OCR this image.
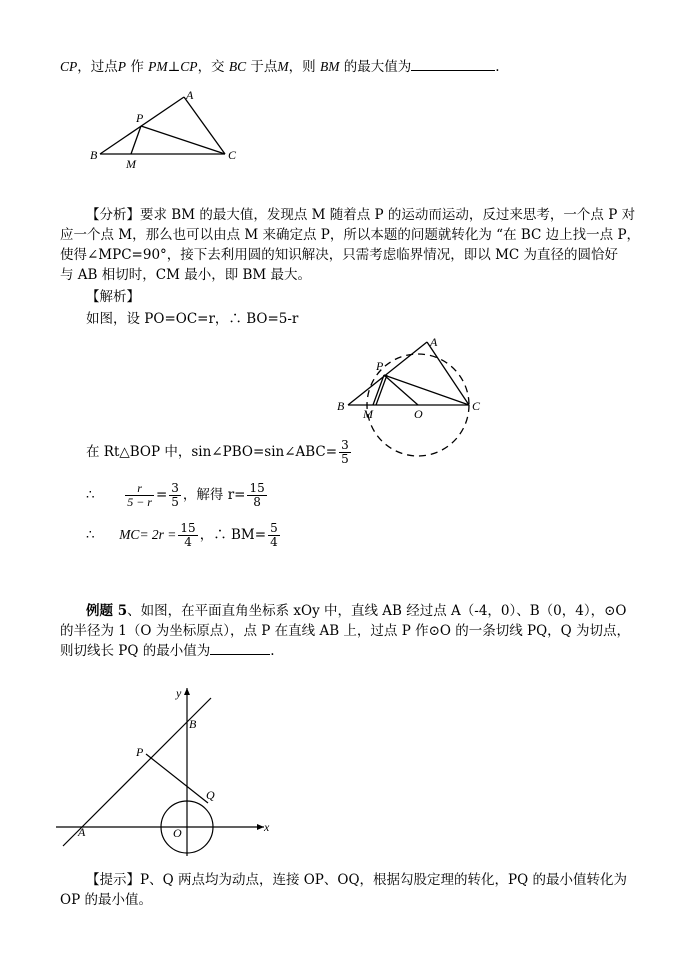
CP，过点P 作 PM⊥CP，交 BC 于点M，则 BM 的最大值为	.
A
P
B
M
C
【分析】要求 BM 的最大值，发现点 M 随着点 P 的运动而运动，反过来思考，一个点 P 对
应一个点 M，那么也可以由点 M 来确定点 P，所以本题的问题就转化为 “在 BC 边上找一点 P，
使得∠MPC=90°，接下去利用圆的知识解决，只需考虑临界情况，即以 MC 为直径的圆恰好
与 AB 相切时，CM 最小，即 BM 最大。
【解析】
如图，设 PO=OC=r，∴ BO=5-r
A
P
B
M	O
C
在 Rt△BOP 中，sin∠PBO=sin∠ABC= $\frac{3}{5}$
∴	$\frac{r}{5 - r} = \frac{3}{5}$ ，解得 $r= \frac{15}{8}$
∴ $MC= 2r = \frac{15}{4}$ ，∴ $BM= \frac{5}{4}$
例题 5、如图，在平面直角坐标系 xOy 中，直线 AB 经过点 A（-4，0）、B（0，4），⊙O
的半径为 1（O 为坐标原点），点 P 在直线 AB 上，过点 P 作⊙O 的一条切线 PQ，Q 为切点，
则切线长 PQ 的最小值为	.
y
x
B
P
Q
A	O
【提示】P、Q 两点均为动点，连接 OP、OQ，根据勾股定理的转化，PQ 的最小值转化为
OP 的最小值。
